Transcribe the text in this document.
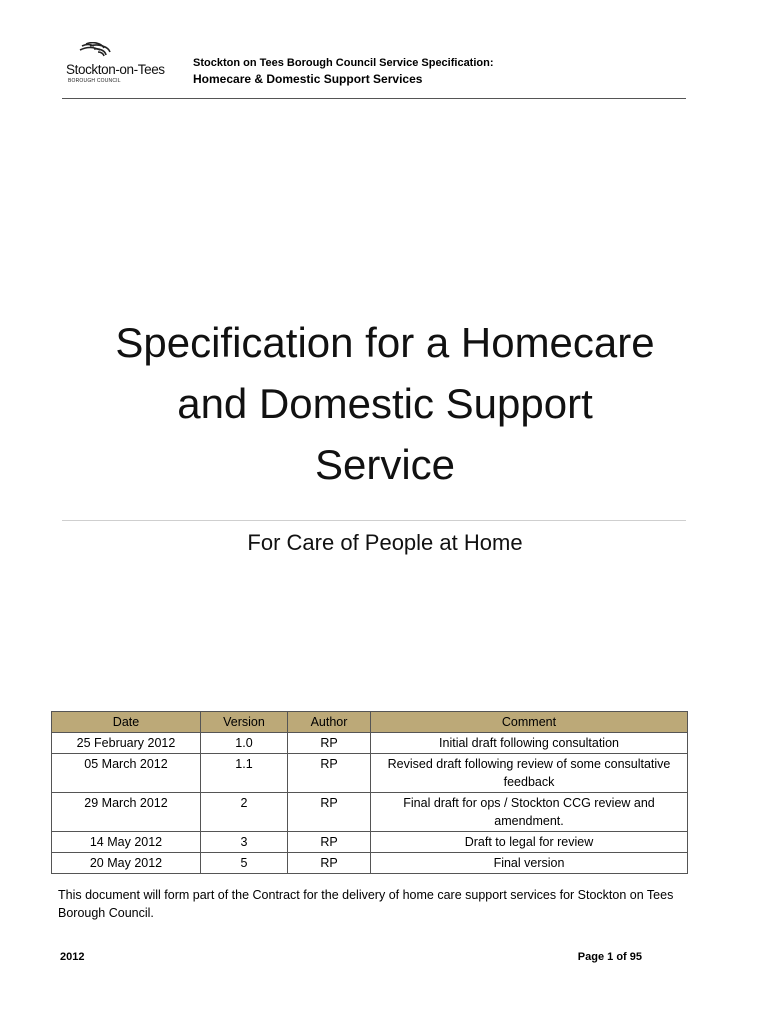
Stockton-on-Tees
BOROUGH COUNCIL
Stockton on Tees Borough Council Service Specification:
Homecare & Domestic Support Services
Specification for a Homecare
and Domestic Support
Service
For Care of People at Home
Date	Version	Author	Comment
25 February 2012	1.0	RP	Initial draft following consultation
05 March 2012	1.1	RP	Revised draft following review of some consultative feedback
29 March 2012	2	RP	Final draft for ops / Stockton CCG review and amendment.
14 May 2012	3	RP	Draft to legal for review
20 May 2012	5	RP	Final version
This document will form part of the Contract for the delivery of home care support services for Stockton on Tees Borough Council.
2012	Page 1 of 95
